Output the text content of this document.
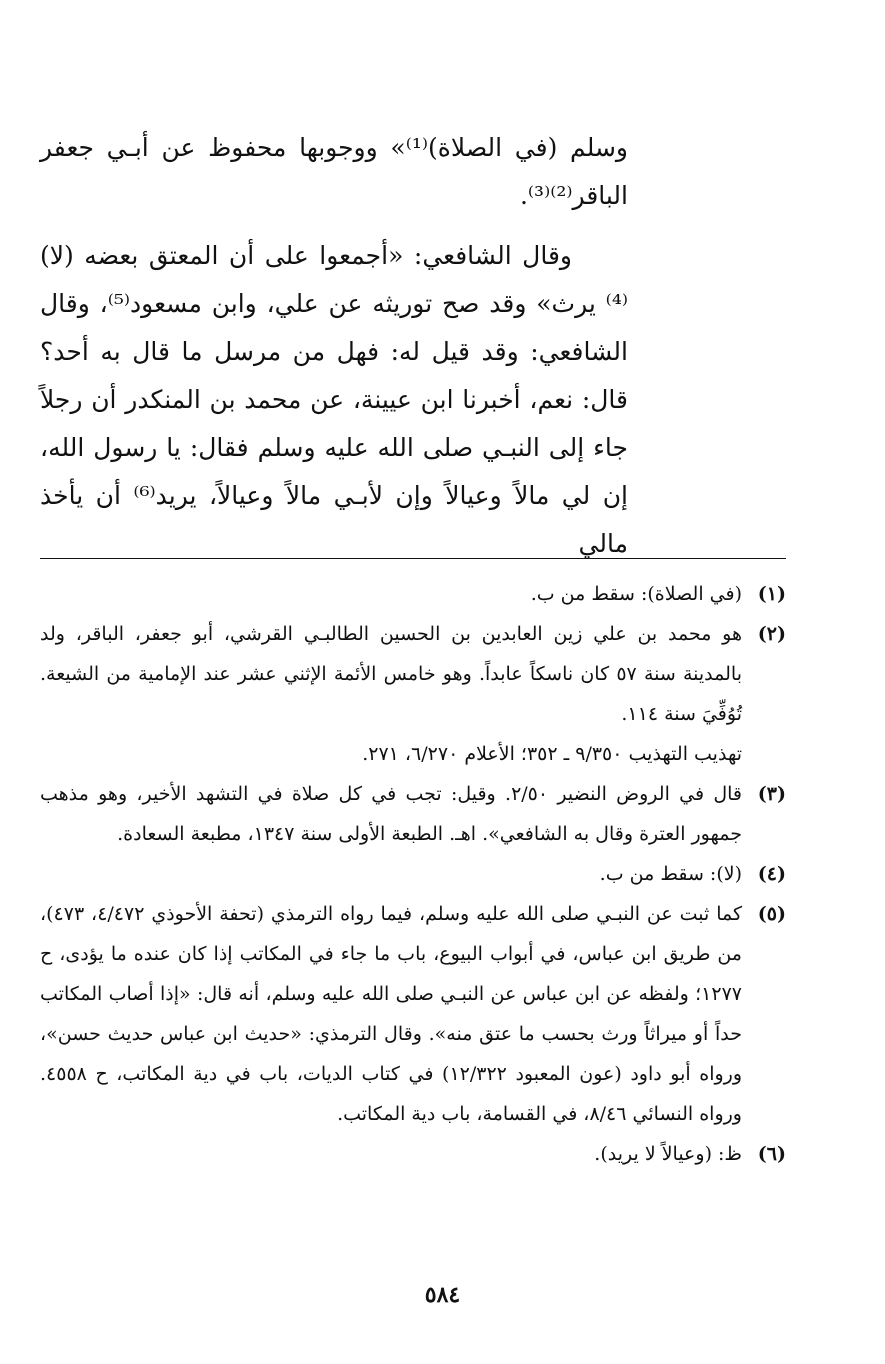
وسلم (في الصلاة)⁽¹⁾» ووجوبها محفوظ عن أبـي جعفر الباقر⁽²⁾⁽³⁾.

وقال الشافعي: «أجمعوا على أن المعتق بعضه (لا)⁽⁴⁾ يرث» وقد صح توريثه عن علي، وابن مسعود⁽⁵⁾، وقال الشافعي: وقد قيل له: فهل من مرسل ما قال به أحد؟ قال: نعم، أخبرنا ابن عيينة، عن محمد بن المنكدر أن رجلاً جاء إلى النبـي صلى الله عليه وسلم فقال: يا رسول الله، إن لي مالاً وعيالاً وإن لأبـي مالاً وعيالاً، يريد⁽⁶⁾ أن يأخذ مالي

(١)
(في الصلاة): سقط من ب.
(٢)
هو محمد بن علي زين العابدين بن الحسين الطالبـي القرشي، أبو جعفر، الباقر، ولد بالمدينة سنة ٥٧ كان ناسكاً عابداً. وهو خامس الأئمة الإثني عشر عند الإمامية من الشيعة. تُوُفِّيَ سنة ١١٤.
تهذيب التهذيب ٩/٣٥٠ ـ ٣٥٢؛ الأعلام ٦/٢٧٠، ٢٧١.
(٣)
قال في الروض النضير ٢/٥٠. وقيل: تجب في كل صلاة في التشهد الأخير، وهو مذهب جمهور العترة وقال به الشافعي». اهـ. الطبعة الأولى سنة ١٣٤٧، مطبعة السعادة.
(٤)
(لا): سقط من ب.
(٥)
كما ثبت عن النبـي صلى الله عليه وسلم، فيما رواه الترمذي (تحفة الأحوذي ٤/٤٧٢، ٤٧٣)، من طريق ابن عباس، في أبواب البيوع، باب ما جاء في المكاتب إذا كان عنده ما يؤدى، ح ١٢٧٧؛ ولفظه عن ابن عباس عن النبـي صلى الله عليه وسلم، أنه قال: «إذا أصاب المكاتب حداً أو ميراثاً ورث بحسب ما عتق منه». وقال الترمذي: «حديث ابن عباس حديث حسن»، ورواه أبو داود (عون المعبود ١٢/٣٢٢) في كتاب الديات، باب في دية المكاتب، ح ٤٥٥٨. ورواه النسائي ٨/٤٦، في القسامة، باب دية المكاتب.
(٦)
ظ: (وعيالاً لا يريد).
٥٨٤
